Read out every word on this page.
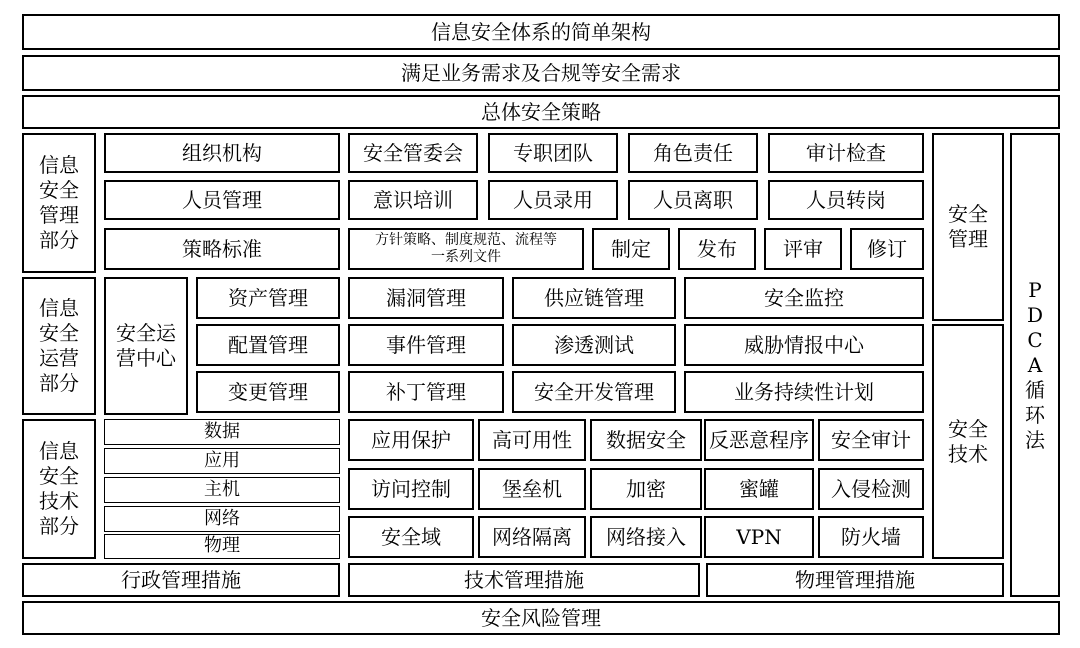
信息安全体系的简单架构
满足业务需求及合规等安全需求
总体安全策略
信息安全管理部分
组织机构	安全管委会	专职团队	角色责任	审计检查
人员管理	意识培训	人员录用	人员离职	人员转岗
策略标准	方针策略、制度规范、流程等一系列文件	制定	发布	评审	修订
信息安全运营部分
安全运营中心
资产管理	漏洞管理	供应链管理	安全监控
配置管理	事件管理	渗透测试	威胁情报中心
变更管理	补丁管理	安全开发管理	业务持续性计划
信息安全技术部分
数据
应用
主机
网络
物理
应用保护	高可用性	数据安全	反恶意程序	安全审计
访问控制	堡垒机	加密	蜜罐	入侵检测
安全域	网络隔离	网络接入	VPN	防火墙
安全管理
安全技术
PDCA循环法
行政管理措施	技术管理措施	物理管理措施
安全风险管理
